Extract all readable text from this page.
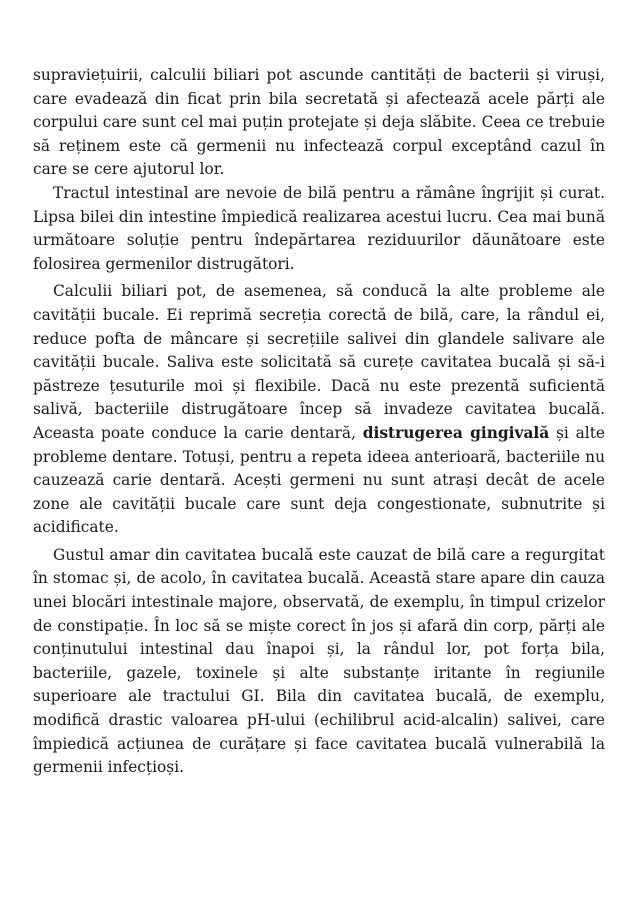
supraviețuirii, calculii biliari pot ascunde cantități de bacterii și viruși, care evadează din ficat prin bila secretată și afectează acele părți ale corpului care sunt cel mai puțin protejate și deja slăbite. Ceea ce trebuie să reținem este că germenii nu infectează corpul exceptând cazul în care se cere ajutorul lor.

Tractul intestinal are nevoie de bilă pentru a rămâne îngrijit și curat. Lipsa bilei din intestine împiedică realizarea acestui lucru. Cea mai bună următoare soluție pentru îndepărtarea reziduurilor dăunătoare este folosirea germenilor distrugători.

Calculii biliari pot, de asemenea, să conducă la alte probleme ale cavității bucale. Ei reprimă secreția corectă de bilă, care, la rândul ei, reduce pofta de mâncare și secrețiile salivei din glandele salivare ale cavității bucale. Saliva este solicitată să curețe cavitatea bucală și să-i păstreze țesuturile moi și flexibile. Dacă nu este prezentă suficientă salivă, bacteriile distrugătoare încep să invadeze cavitatea bucală. Aceasta poate conduce la carie dentară, distrugerea gingivală și alte probleme dentare. Totuși, pentru a repeta ideea anterioară, bacteriile nu cauzează carie dentară. Acești germeni nu sunt atrași decât de acele zone ale cavității bucale care sunt deja congestionate, subnutrite și acidificate.

Gustul amar din cavitatea bucală este cauzat de bilă care a regurgitat în stomac și, de acolo, în cavitatea bucală. Această stare apare din cauza unei blocări intestinale majore, observată, de exemplu, în timpul crizelor de constipație. În loc să se miște corect în jos și afară din corp, părți ale conținutului intestinal dau înapoi și, la rândul lor, pot forța bila, bacteriile, gazele, toxinele și alte substanțe iritante în regiunile superioare ale tractului GI. Bila din cavitatea bucală, de exemplu, modifică drastic valoarea pH-ului (echilibrul acid-alcalin) salivei, care împiedică acțiunea de curățare și face cavitatea bucală vulnerabilă la germenii infecțioși.
